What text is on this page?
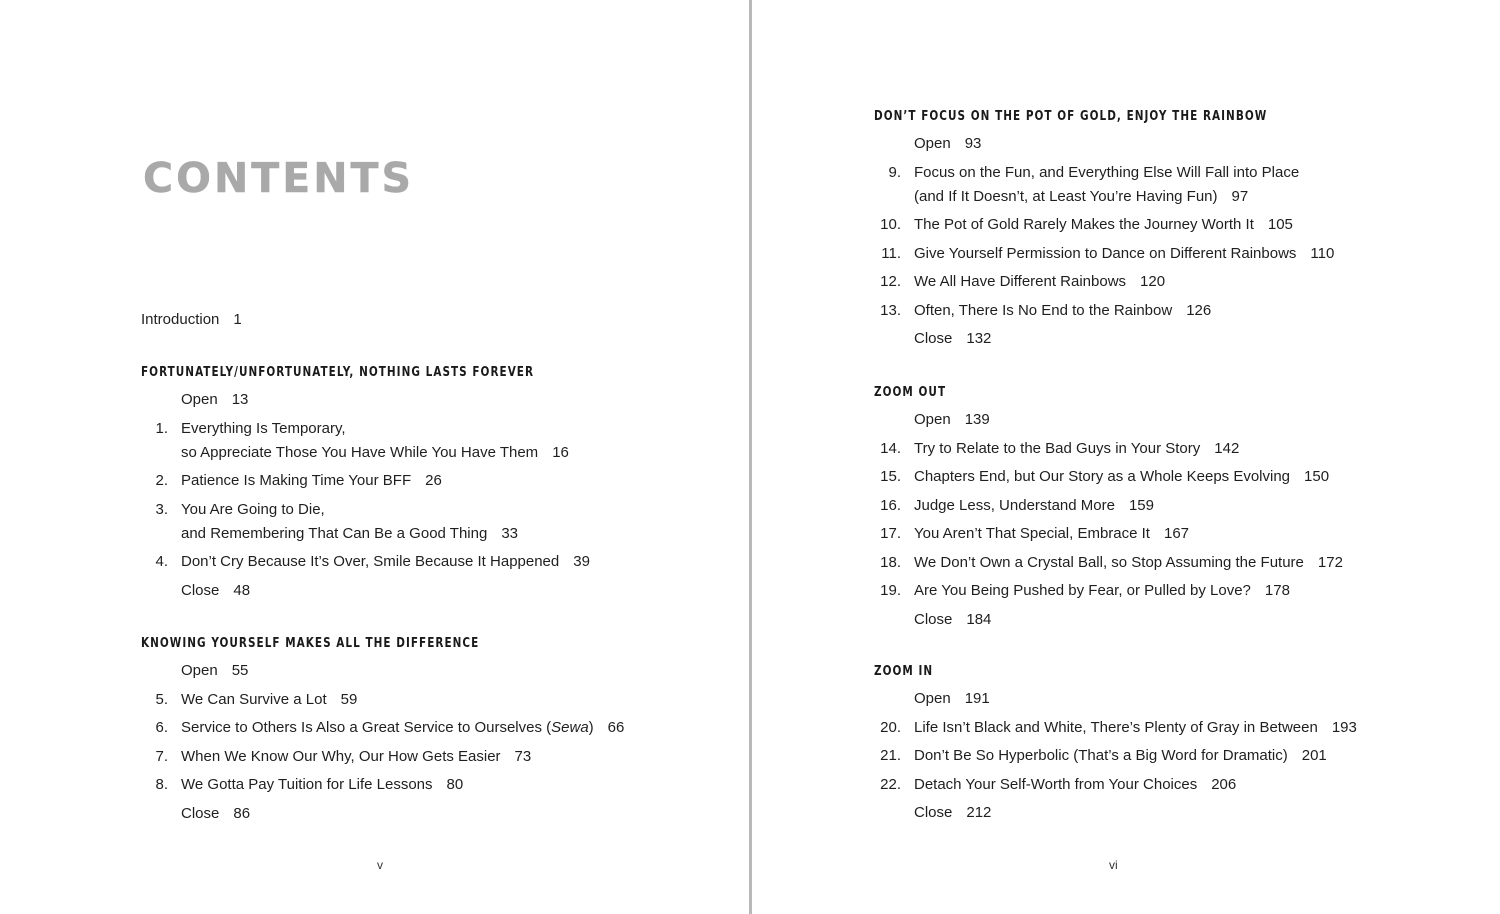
CONTENTS
Introduction 1
FORTUNATELY/UNFORTUNATELY, NOTHING LASTS FOREVER
Open 13
1. Everything Is Temporary,
so Appreciate Those You Have While You Have Them 16
2. Patience Is Making Time Your BFF 26
3. You Are Going to Die,
and Remembering That Can Be a Good Thing 33
4. Don’t Cry Because It’s Over, Smile Because It Happened 39
Close 48
KNOWING YOURSELF MAKES ALL THE DIFFERENCE
Open 55
5. We Can Survive a Lot 59
6. Service to Others Is Also a Great Service to Ourselves (Sewa) 66
7. When We Know Our Why, Our How Gets Easier 73
8. We Gotta Pay Tuition for Life Lessons 80
Close 86
v
DON’T FOCUS ON THE POT OF GOLD, ENJOY THE RAINBOW
Open 93
9. Focus on the Fun, and Everything Else Will Fall into Place
(and If It Doesn’t, at Least You’re Having Fun) 97
10. The Pot of Gold Rarely Makes the Journey Worth It 105
11. Give Yourself Permission to Dance on Different Rainbows 110
12. We All Have Different Rainbows 120
13. Often, There Is No End to the Rainbow 126
Close 132
ZOOM OUT
Open 139
14. Try to Relate to the Bad Guys in Your Story 142
15. Chapters End, but Our Story as a Whole Keeps Evolving 150
16. Judge Less, Understand More 159
17. You Aren’t That Special, Embrace It 167
18. We Don’t Own a Crystal Ball, so Stop Assuming the Future 172
19. Are You Being Pushed by Fear, or Pulled by Love? 178
Close 184
ZOOM IN
Open 191
20. Life Isn’t Black and White, There’s Plenty of Gray in Between 193
21. Don’t Be So Hyperbolic (That’s a Big Word for Dramatic) 201
22. Detach Your Self-Worth from Your Choices 206
Close 212
vi
